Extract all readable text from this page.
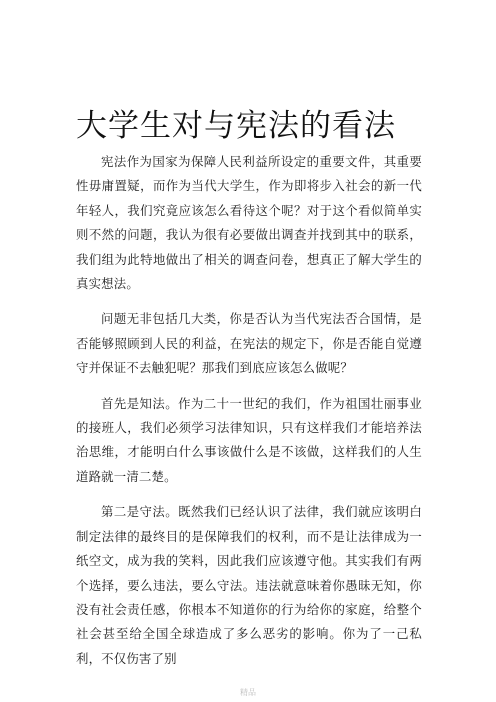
大学生对与宪法的看法

宪法作为国家为保障人民利益所设定的重要文件，其重要性毋庸置疑，而作为当代大学生，作为即将步入社会的新一代年轻人，我们究竟应该怎么看待这个呢？对于这个看似简单实则不然的问题，我认为很有必要做出调查并找到其中的联系，我们组为此特地做出了相关的调查问卷，想真正了解大学生的真实想法。

问题无非包括几大类，你是否认为当代宪法否合国情，是否能够照顾到人民的利益，在宪法的规定下，你是否能自觉遵守并保证不去触犯呢？那我们到底应该怎么做呢？

首先是知法。作为二十一世纪的我们，作为祖国壮丽事业的接班人，我们必须学习法律知识，只有这样我们才能培养法治思维，才能明白什么事该做什么是不该做，这样我们的人生道路就一清二楚。

第二是守法。既然我们已经认识了法律，我们就应该明白制定法律的最终目的是保障我们的权利，而不是让法律成为一纸空文，成为我的笑料，因此我们应该遵守他。其实我们有两个选择，要么违法，要么守法。违法就意味着你愚昧无知，你没有社会责任感，你根本不知道你的行为给你的家庭，给整个社会甚至给全国全球造成了多么恶劣的影响。你为了一己私利，不仅伤害了别

精品
